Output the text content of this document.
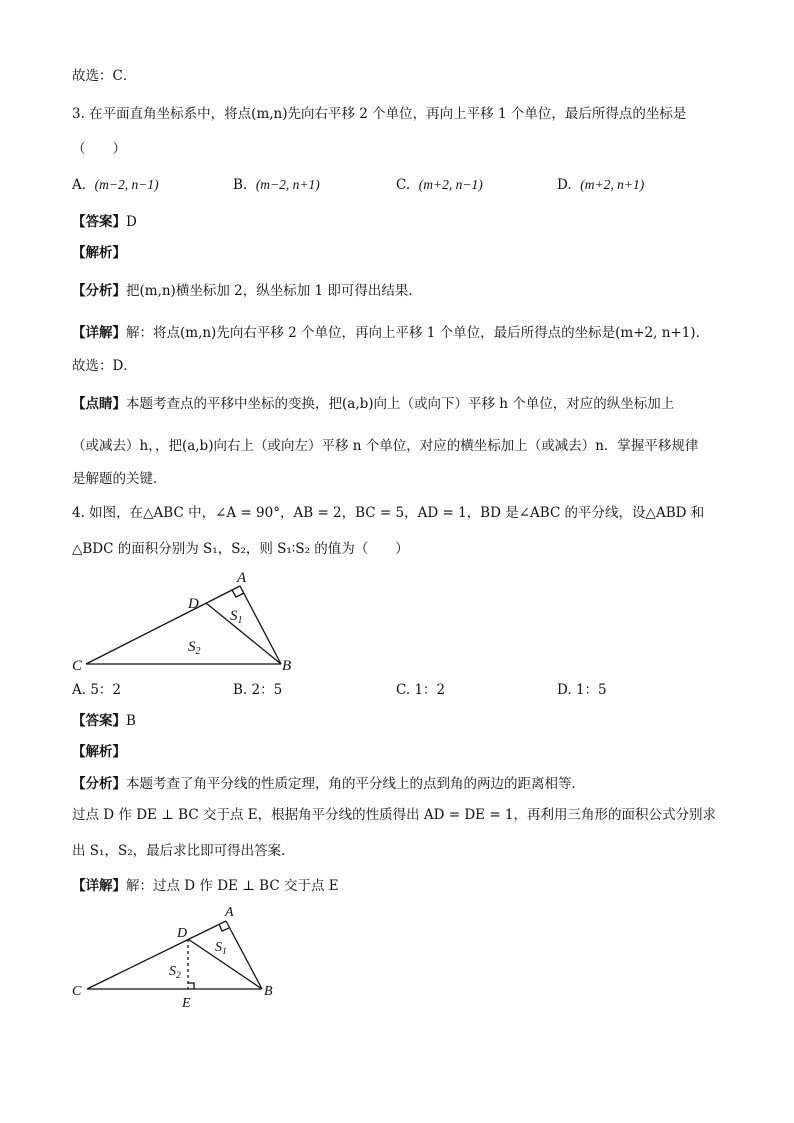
故选：C．
3. 在平面直角坐标系中，将点(m,n)先向右平移 2 个单位，再向上平移 1 个单位，最后所得点的坐标是
（　　）
A. (m−2, n−1)	B. (m−2, n+1)	C. (m+2, n−1)	D. (m+2, n+1)
【答案】D
【解析】
【分析】把(m,n)横坐标加 2，纵坐标加 1 即可得出结果．
【详解】解：将点(m,n)先向右平移 2 个单位，再向上平移 1 个单位，最后所得点的坐标是(m+2, n+1)．
故选：D．
【点睛】本题考查点的平移中坐标的变换，把(a,b)向上（或向下）平移 h 个单位，对应的纵坐标加上
（或减去）h，，把(a,b)向右上（或向左）平移 n 个单位，对应的横坐标加上（或减去）n．掌握平移规律
是解题的关键．
4. 如图，在△ABC 中，∠A = 90°，AB = 2，BC = 5，AD = 1，BD 是∠ABC 的平分线，设△ABD 和
△BDC 的面积分别为 S₁，S₂，则 S₁∶S₂ 的值为（　　）
A
B
C
D
$S_1$
$S_2$
A. 5：2	B. 2：5	C. 1：2	D. 1：5
【答案】B
【解析】
【分析】本题考查了角平分线的性质定理，角的平分线上的点到角的两边的距离相等．
过点 D 作 DE ⊥ BC 交于点 E，根据角平分线的性质得出 AD = DE = 1，再利用三角形的面积公式分别求
出 S₁，S₂，最后求比即可得出答案．
【详解】解：过点 D 作 DE ⊥ BC 交于点 E
A
B
C
D
E
$S_1$
$S_2$
